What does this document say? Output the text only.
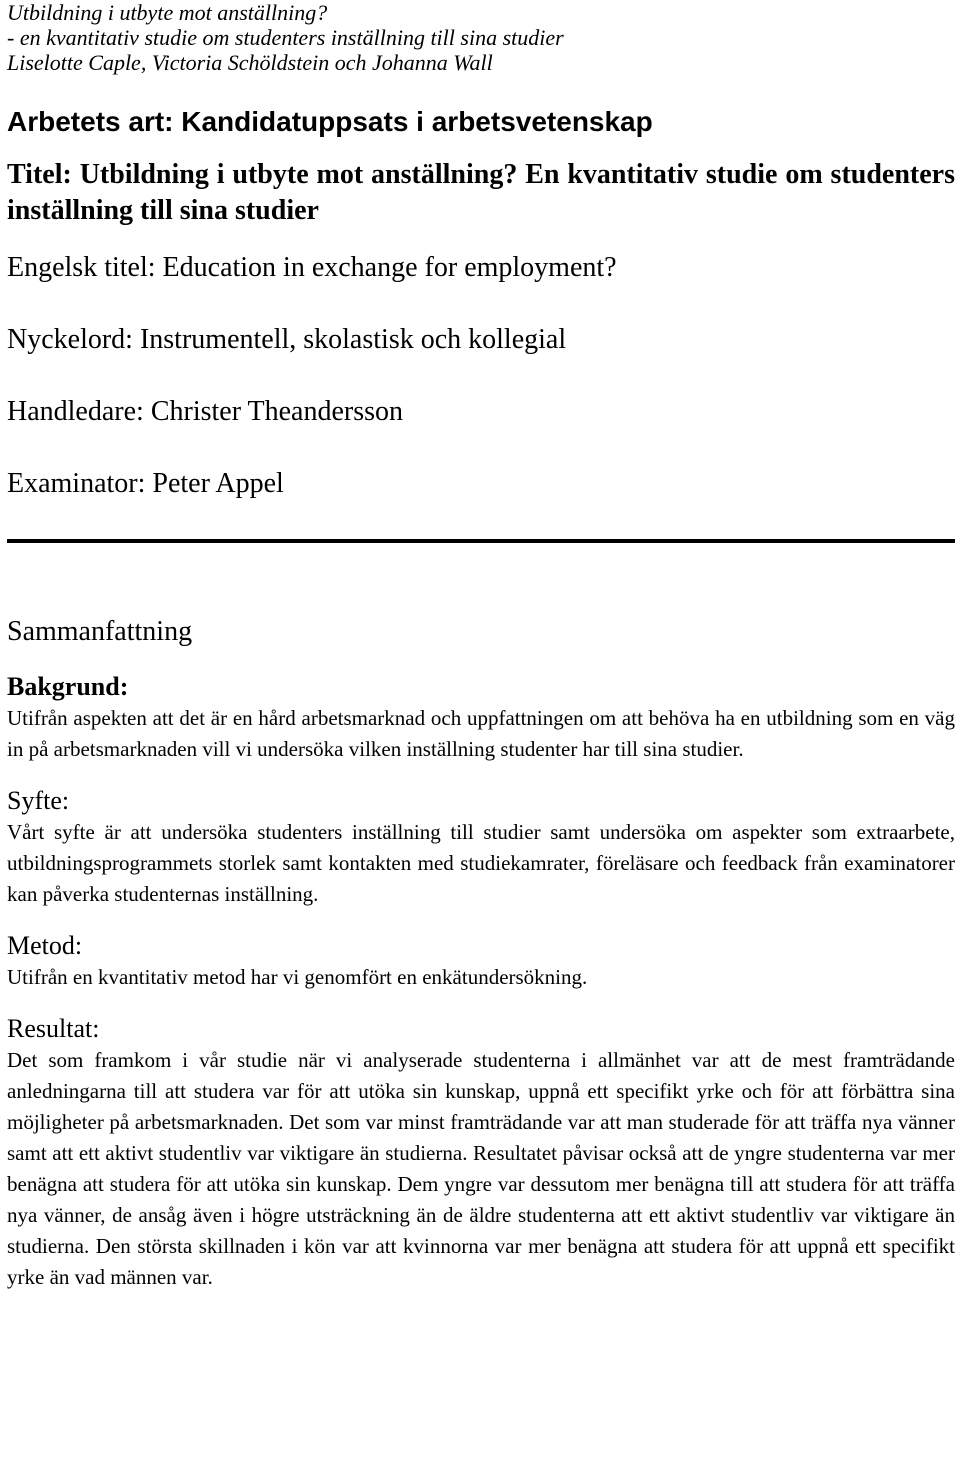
Utbildning i utbyte mot anställning?

- en kvantitativ studie om studenters inställning till sina studier

Liselotte Caple, Victoria Schöldstein och Johanna Wall

Arbetets art: Kandidatuppsats i arbetsvetenskap

Titel: Utbildning i utbyte mot anställning? En kvantitativ studie om studenters inställning till sina studier

Engelsk titel: Education in exchange for employment?

Nyckelord: Instrumentell, skolastisk och kollegial

Handledare: Christer Theandersson

Examinator: Peter Appel

Sammanfattning

Bakgrund:

Utifrån aspekten att det är en hård arbetsmarknad och uppfattningen om att behöva ha en utbildning som en väg in på arbetsmarknaden vill vi undersöka vilken inställning studenter har till sina studier.

Syfte:

Vårt syfte är att undersöka studenters inställning till studier samt undersöka om aspekter som extraarbete, utbildningsprogrammets storlek samt kontakten med studiekamrater, föreläsare och feedback från examinatorer kan påverka studenternas inställning.

Metod:

Utifrån en kvantitativ metod har vi genomfört en enkätundersökning.

Resultat:

Det som framkom i vår studie när vi analyserade studenterna i allmänhet var att de mest framträdande anledningarna till att studera var för att utöka sin kunskap, uppnå ett specifikt yrke och för att förbättra sina möjligheter på arbetsmarknaden. Det som var minst framträdande var att man studerade för att träffa nya vänner samt att ett aktivt studentliv var viktigare än studierna. Resultatet påvisar också att de yngre studenterna var mer benägna att studera för att utöka sin kunskap. Dem yngre var dessutom mer benägna till att studera för att träffa nya vänner, de ansåg även i högre utsträckning än de äldre studenterna att ett aktivt studentliv var viktigare än studierna. Den största skillnaden i kön var att kvinnorna var mer benägna att studera för att uppnå ett specifikt yrke än vad männen var.
